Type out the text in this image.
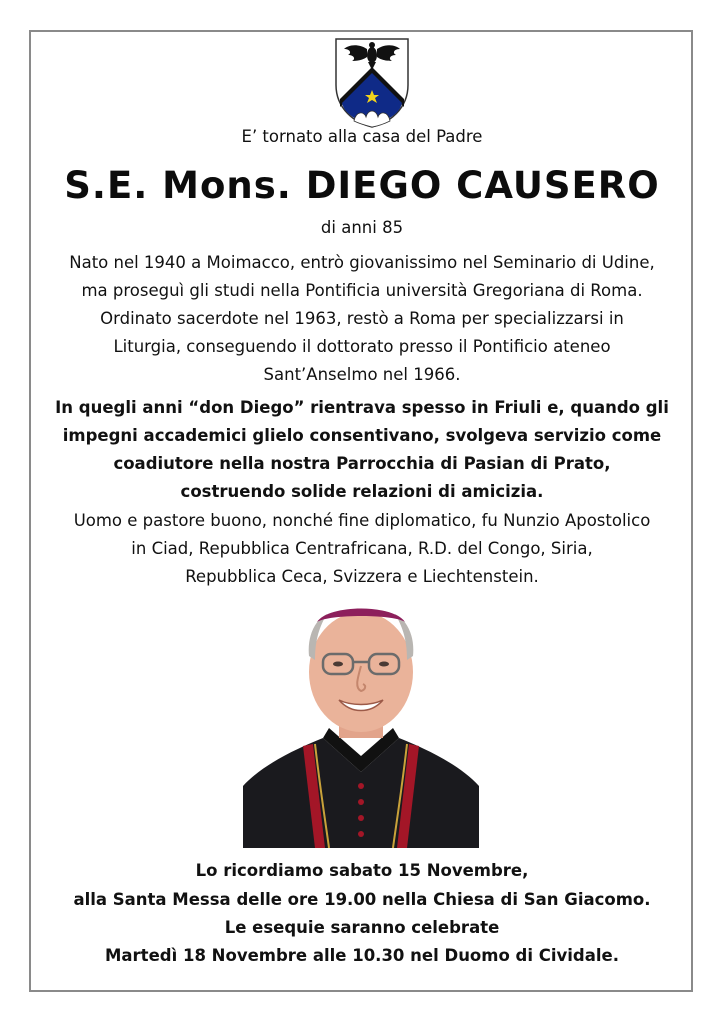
E’ tornato alla casa del Padre
S.E. Mons. DIEGO CAUSERO
di anni 85
Nato nel 1940 a Moimacco, entrò giovanissimo nel Seminario di Udine,
ma proseguì gli studi nella Pontificia università Gregoriana di Roma.
Ordinato sacerdote nel 1963, restò a Roma per specializzarsi in
Liturgia, conseguendo il dottorato presso il Pontificio ateneo
Sant’Anselmo nel 1966.
In quegli anni “don Diego” rientrava spesso in Friuli e, quando gli
impegni accademici glielo consentivano, svolgeva servizio come
coadiutore nella nostra Parrocchia di Pasian di Prato,
costruendo solide relazioni di amicizia.
Uomo e pastore buono, nonché fine diplomatico, fu Nunzio Apostolico
in Ciad, Repubblica Centrafricana, R.D. del Congo, Siria,
Repubblica Ceca, Svizzera e Liechtenstein.
Lo ricordiamo sabato 15 Novembre,
alla Santa Messa delle ore 19.00 nella Chiesa di San Giacomo.
Le esequie saranno celebrate
Martedì 18 Novembre alle 10.30 nel Duomo di Cividale.
